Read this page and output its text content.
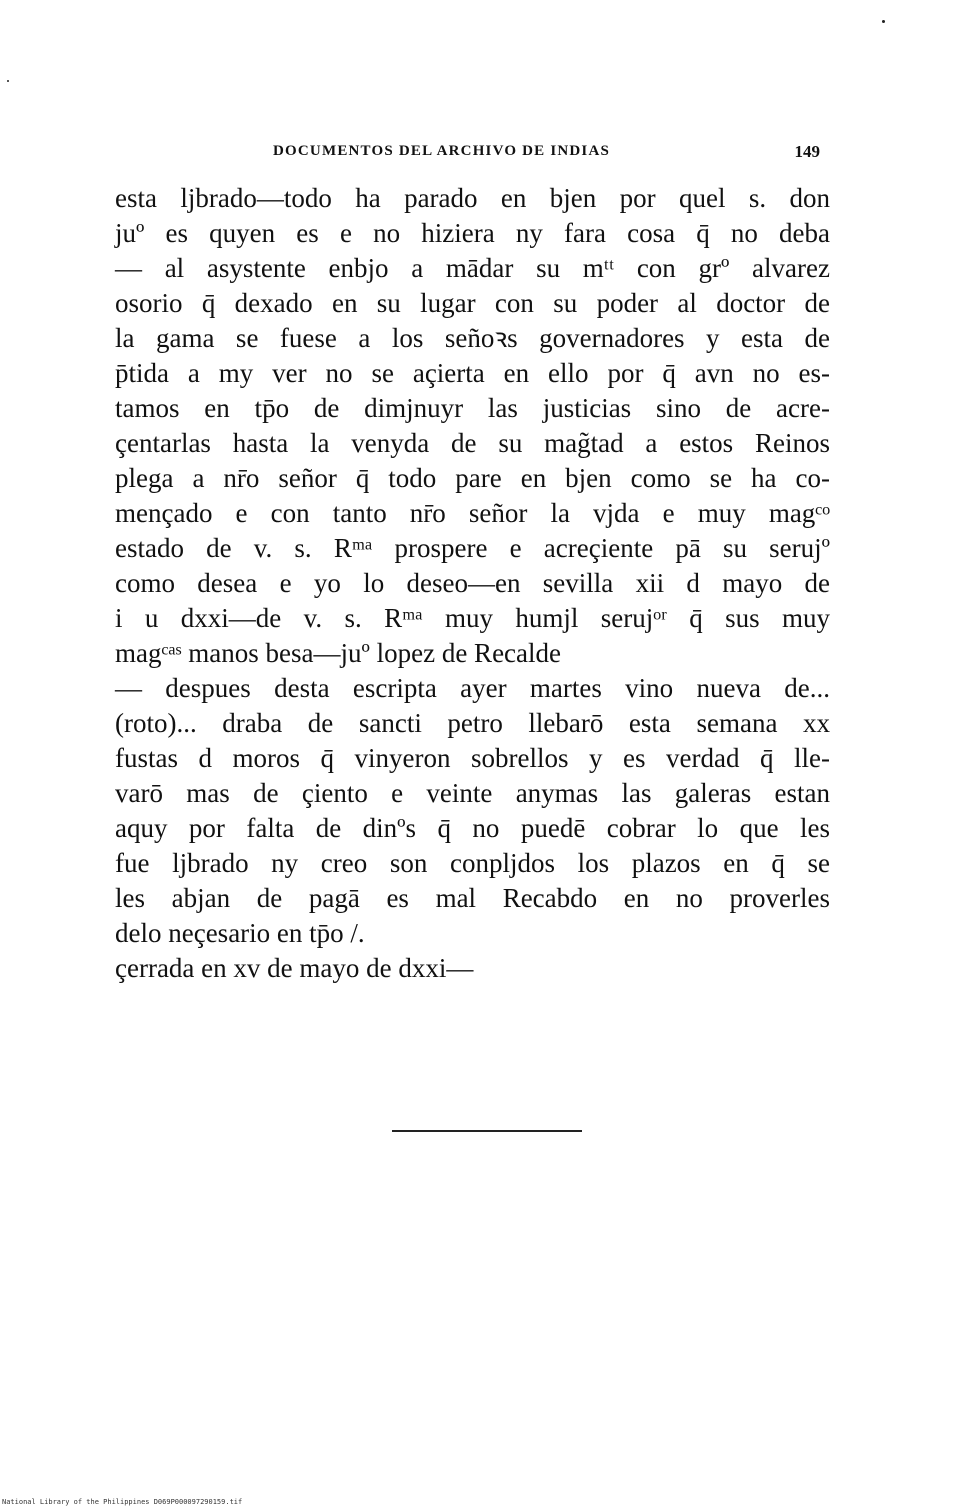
DOCUMENTOS DEL ARCHIVO DE INDIAS	149
esta ljbrado—todo ha parado en bjen por quel s. don
juº es quyen es e no hiziera ny fara cosa q̄ no deba
— al asystente enbjo a mādar su mᵗᵗ con grº alvarez
osorio q̄ dexado en su lugar con su poder al doctor de
la gama se fuese a los señoꝛs governadores y esta de
p̄tida a my ver no se açierta en ello por q̄ avn no es-
tamos en tp̄o de dimjnuyr las justicias sino de acre-
çentarlas hasta la venyda de su mag̃tad a estos Reinos
plega a nr̄o señor q̄ todo pare en bjen como se ha co-
mençado e con tanto nr̄o señor la vjda e muy magᶜᵒ
estado de v. s. Rᵐᵃ prospere e acreçiente pā su serujº
como desea e yo lo deseo—en sevilla xii d mayo de
i u dxxi—de v. s. Rᵐᵃ muy humjl serujᵒʳ q̄ sus muy
magᶜᵃˢ manos besa—juº lopez de Recalde
— despues desta escripta ayer martes vino nueva de...
(roto)... draba de sancti petro llebarō esta semana xx
fustas d moros q̄ vinyeron sobrellos y es verdad q̄ lle-
varō mas de çiento e veinte anymas las galeras estan
aquy por falta de dinºs q̄ no puedē cobrar lo que les
fue ljbrado ny creo son conpljdos los plazos en q̄ se
les abjan de pagā es mal Recabdo en no proverles
delo neçesario en tp̄o /.
çerrada en xv de mayo de dxxi—
National Library of the Philippines D069P000097290159.tif
